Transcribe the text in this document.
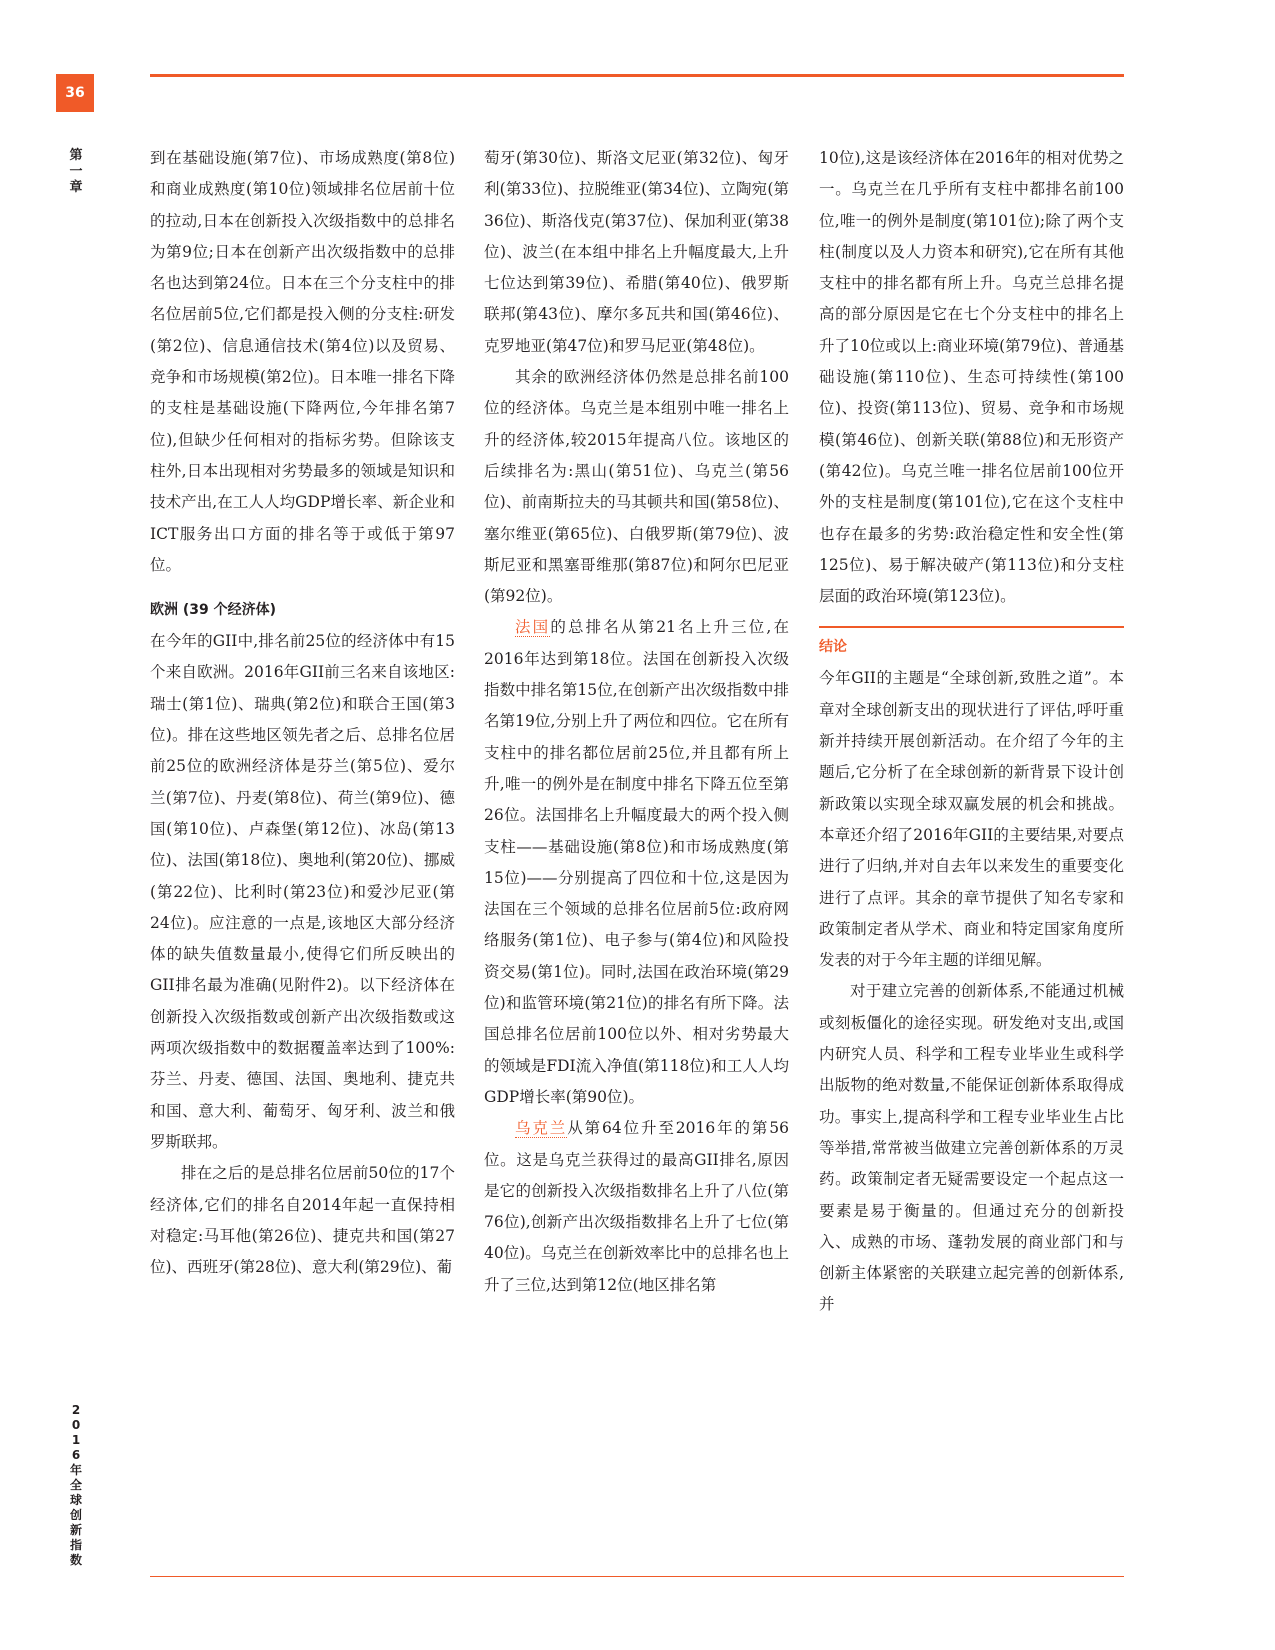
36
第一章
2016年全球创新指数

到在基础设施(第7位)、市场成熟度(第8位)和商业成熟度(第10位)领域排名位居前十位的拉动,日本在创新投入次级指数中的总排名为第9位;日本在创新产出次级指数中的总排名也达到第24位。日本在三个分支柱中的排名位居前5位,它们都是投入侧的分支柱:研发(第2位)、信息通信技术(第4位)以及贸易、竞争和市场规模(第2位)。日本唯一排名下降的支柱是基础设施(下降两位,今年排名第7位),但缺少任何相对的指标劣势。但除该支柱外,日本出现相对劣势最多的领域是知识和技术产出,在工人人均GDP增长率、新企业和ICT服务出口方面的排名等于或低于第97位。

欧洲 (39 个经济体)

在今年的GII中,排名前25位的经济体中有15个来自欧洲。2016年GII前三名来自该地区:瑞士(第1位)、瑞典(第2位)和联合王国(第3位)。排在这些地区领先者之后、总排名位居前25位的欧洲经济体是芬兰(第5位)、爱尔兰(第7位)、丹麦(第8位)、荷兰(第9位)、德国(第10位)、卢森堡(第12位)、冰岛(第13位)、法国(第18位)、奥地利(第20位)、挪威(第22位)、比利时(第23位)和爱沙尼亚(第24位)。应注意的一点是,该地区大部分经济体的缺失值数量最小,使得它们所反映出的GII排名最为准确(见附件2)。以下经济体在创新投入次级指数或创新产出次级指数或这两项次级指数中的数据覆盖率达到了100%:芬兰、丹麦、德国、法国、奥地利、捷克共和国、意大利、葡萄牙、匈牙利、波兰和俄罗斯联邦。

排在之后的是总排名位居前50位的17个经济体,它们的排名自2014年起一直保持相对稳定:马耳他(第26位)、捷克共和国(第27位)、西班牙(第28位)、意大利(第29位)、葡

萄牙(第30位)、斯洛文尼亚(第32位)、匈牙利(第33位)、拉脱维亚(第34位)、立陶宛(第36位)、斯洛伐克(第37位)、保加利亚(第38位)、波兰(在本组中排名上升幅度最大,上升七位达到第39位)、希腊(第40位)、俄罗斯联邦(第43位)、摩尔多瓦共和国(第46位)、克罗地亚(第47位)和罗马尼亚(第48位)。

其余的欧洲经济体仍然是总排名前100位的经济体。乌克兰是本组别中唯一排名上升的经济体,较2015年提高八位。该地区的后续排名为:黑山(第51位)、乌克兰(第56位)、前南斯拉夫的马其顿共和国(第58位)、塞尔维亚(第65位)、白俄罗斯(第79位)、波斯尼亚和黑塞哥维那(第87位)和阿尔巴尼亚(第92位)。

法国的总排名从第21名上升三位,在2016年达到第18位。法国在创新投入次级指数中排名第15位,在创新产出次级指数中排名第19位,分别上升了两位和四位。它在所有支柱中的排名都位居前25位,并且都有所上升,唯一的例外是在制度中排名下降五位至第26位。法国排名上升幅度最大的两个投入侧支柱——基础设施(第8位)和市场成熟度(第15位)——分别提高了四位和十位,这是因为法国在三个领域的总排名位居前5位:政府网络服务(第1位)、电子参与(第4位)和风险投资交易(第1位)。同时,法国在政治环境(第29位)和监管环境(第21位)的排名有所下降。法国总排名位居前100位以外、相对劣势最大的领域是FDI流入净值(第118位)和工人人均GDP增长率(第90位)。

乌克兰从第64位升至2016年的第56位。这是乌克兰获得过的最高GII排名,原因是它的创新投入次级指数排名上升了八位(第76位),创新产出次级指数排名上升了七位(第40位)。乌克兰在创新效率比中的总排名也上升了三位,达到第12位(地区排名第

10位),这是该经济体在2016年的相对优势之一。乌克兰在几乎所有支柱中都排名前100位,唯一的例外是制度(第101位);除了两个支柱(制度以及人力资本和研究),它在所有其他支柱中的排名都有所上升。乌克兰总排名提高的部分原因是它在七个分支柱中的排名上升了10位或以上:商业环境(第79位)、普通基础设施(第110位)、生态可持续性(第100位)、投资(第113位)、贸易、竞争和市场规模(第46位)、创新关联(第88位)和无形资产(第42位)。乌克兰唯一排名位居前100位开外的支柱是制度(第101位),它在这个支柱中也存在最多的劣势:政治稳定性和安全性(第125位)、易于解决破产(第113位)和分支柱层面的政治环境(第123位)。

结论

今年GII的主题是“全球创新,致胜之道”。本章对全球创新支出的现状进行了评估,呼吁重新并持续开展创新活动。在介绍了今年的主题后,它分析了在全球创新的新背景下设计创新政策以实现全球双赢发展的机会和挑战。本章还介绍了2016年GII的主要结果,对要点进行了归纳,并对自去年以来发生的重要变化进行了点评。其余的章节提供了知名专家和政策制定者从学术、商业和特定国家角度所发表的对于今年主题的详细见解。

对于建立完善的创新体系,不能通过机械或刻板僵化的途径实现。研发绝对支出,或国内研究人员、科学和工程专业毕业生或科学出版物的绝对数量,不能保证创新体系取得成功。事实上,提高科学和工程专业毕业生占比等举措,常常被当做建立完善创新体系的万灵药。政策制定者无疑需要设定一个起点这一要素是易于衡量的。但通过充分的创新投入、成熟的市场、蓬勃发展的商业部门和与创新主体紧密的关联建立起完善的创新体系,并
